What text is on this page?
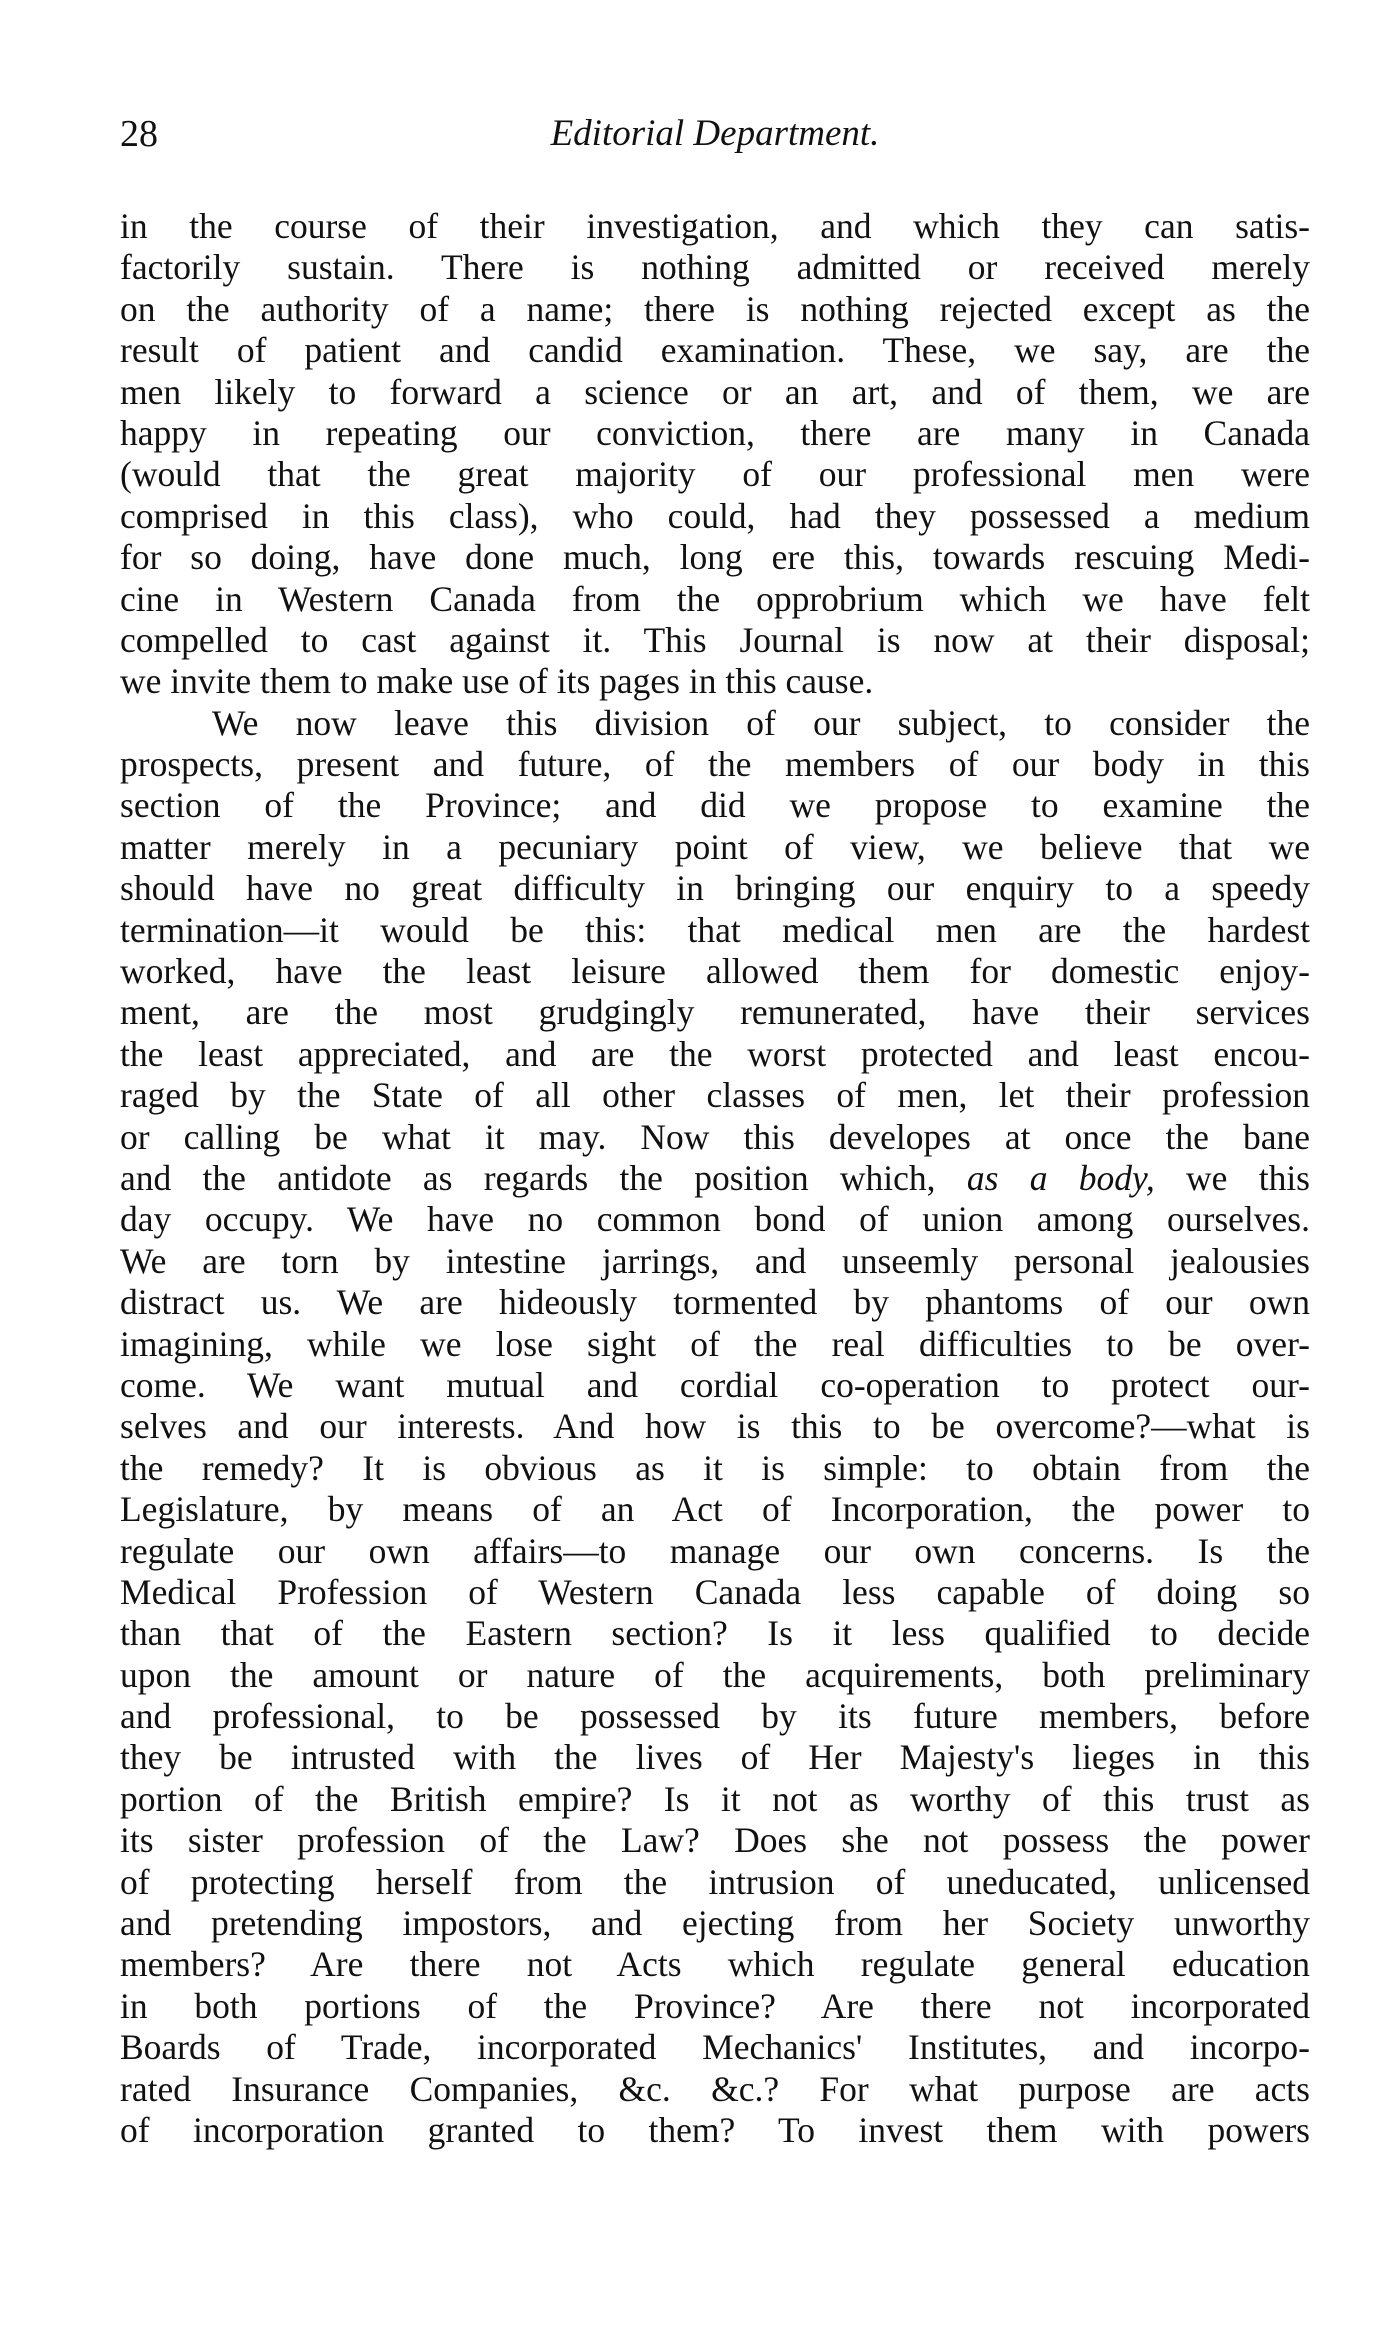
28	Editorial Department.
in the course of their investigation, and which they can satis-
factorily sustain. There is nothing admitted or received merely
on the authority of a name; there is nothing rejected except as the
result of patient and candid examination. These, we say, are the
men likely to forward a science or an art, and of them, we are
happy in repeating our conviction, there are many in Canada
(would that the great majority of our professional men were
comprised in this class), who could, had they possessed a medium
for so doing, have done much, long ere this, towards rescuing Medi-
cine in Western Canada from the opprobrium which we have felt
compelled to cast against it. This Journal is now at their disposal;
we invite them to make use of its pages in this cause.
We now leave this division of our subject, to consider the
prospects, present and future, of the members of our body in this
section of the Province; and did we propose to examine the
matter merely in a pecuniary point of view, we believe that we
should have no great difficulty in bringing our enquiry to a speedy
termination—it would be this: that medical men are the hardest
worked, have the least leisure allowed them for domestic enjoy-
ment, are the most grudgingly remunerated, have their services
the least appreciated, and are the worst protected and least encou-
raged by the State of all other classes of men, let their profession
or calling be what it may. Now this developes at once the bane
and the antidote as regards the position which, as a body, we this
day occupy. We have no common bond of union among ourselves.
We are torn by intestine jarrings, and unseemly personal jealousies
distract us. We are hideously tormented by phantoms of our own
imagining, while we lose sight of the real difficulties to be over-
come. We want mutual and cordial co-operation to protect our-
selves and our interests. And how is this to be overcome?—what is
the remedy? It is obvious as it is simple: to obtain from the
Legislature, by means of an Act of Incorporation, the power to
regulate our own affairs—to manage our own concerns. Is the
Medical Profession of Western Canada less capable of doing so
than that of the Eastern section? Is it less qualified to decide
upon the amount or nature of the acquirements, both preliminary
and professional, to be possessed by its future members, before
they be intrusted with the lives of Her Majesty's lieges in this
portion of the British empire? Is it not as worthy of this trust as
its sister profession of the Law? Does she not possess the power
of protecting herself from the intrusion of uneducated, unlicensed
and pretending impostors, and ejecting from her Society unworthy
members? Are there not Acts which regulate general education
in both portions of the Province? Are there not incorporated
Boards of Trade, incorporated Mechanics' Institutes, and incorpo-
rated Insurance Companies, &c. &c.? For what purpose are acts
of incorporation granted to them? To invest them with powers
